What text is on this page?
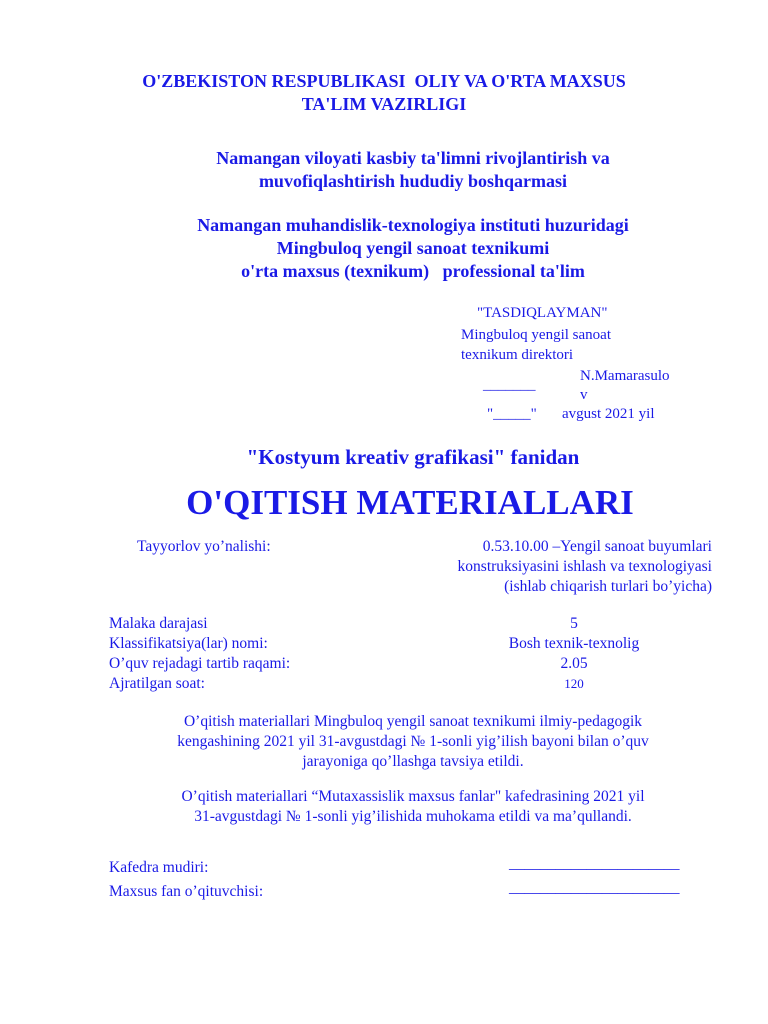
O'ZBEKISTON RESPUBLIKASI  OLIY VA O'RTA MAXSUS
TA'LIM VAZIRLIGI
Namangan viloyati kasbiy ta'limni rivojlantirish va
muvofiqlashtirish hududiy boshqarmasi
Namangan muhandislik-texnologiya instituti huzuridagi
Mingbuloq yengil sanoat texnikumi
o'rta maxsus (texnikum)   professional ta'lim
"TASDIQLAYMAN"
Mingbuloq yengil sanoat
texnikum direktori
N.Mamarasulo
_______
v
"_____" avgust 2021 yil
"Kostyum kreativ grafikasi" fanidan
O'QITISH MATERIALLARI
Tayyorlov yo’nalishi:	0.53.10.00 –Yengil sanoat buyumlari
konstruksiyasini ishlash va texnologiyasi
(ishlab chiqarish turlari bo’yicha)
Malaka darajasi	5
Klassifikatsiya(lar) nomi:	Bosh texnik-texnolig
O’quv rejadagi tartib raqami:	2.05
Ajratilgan soat:	120
O’qitish materiallari Mingbuloq yengil sanoat texnikumi ilmiy-pedagogik
kengashining 2021 yil 31-avgustdagi № 1-sonli yig’ilish bayoni bilan o’quv
jarayoniga qo’llashga tavsiya etildi.
O’qitish materiallari “Mutaxassislik maxsus fanlar" kafedrasining 2021 yil
31-avgustdagi № 1-sonli yig’ilishida muhokama etildi va ma’qullandi.
Kafedra mudiri:	______________________
Maxsus fan o’qituvchisi:	______________________
